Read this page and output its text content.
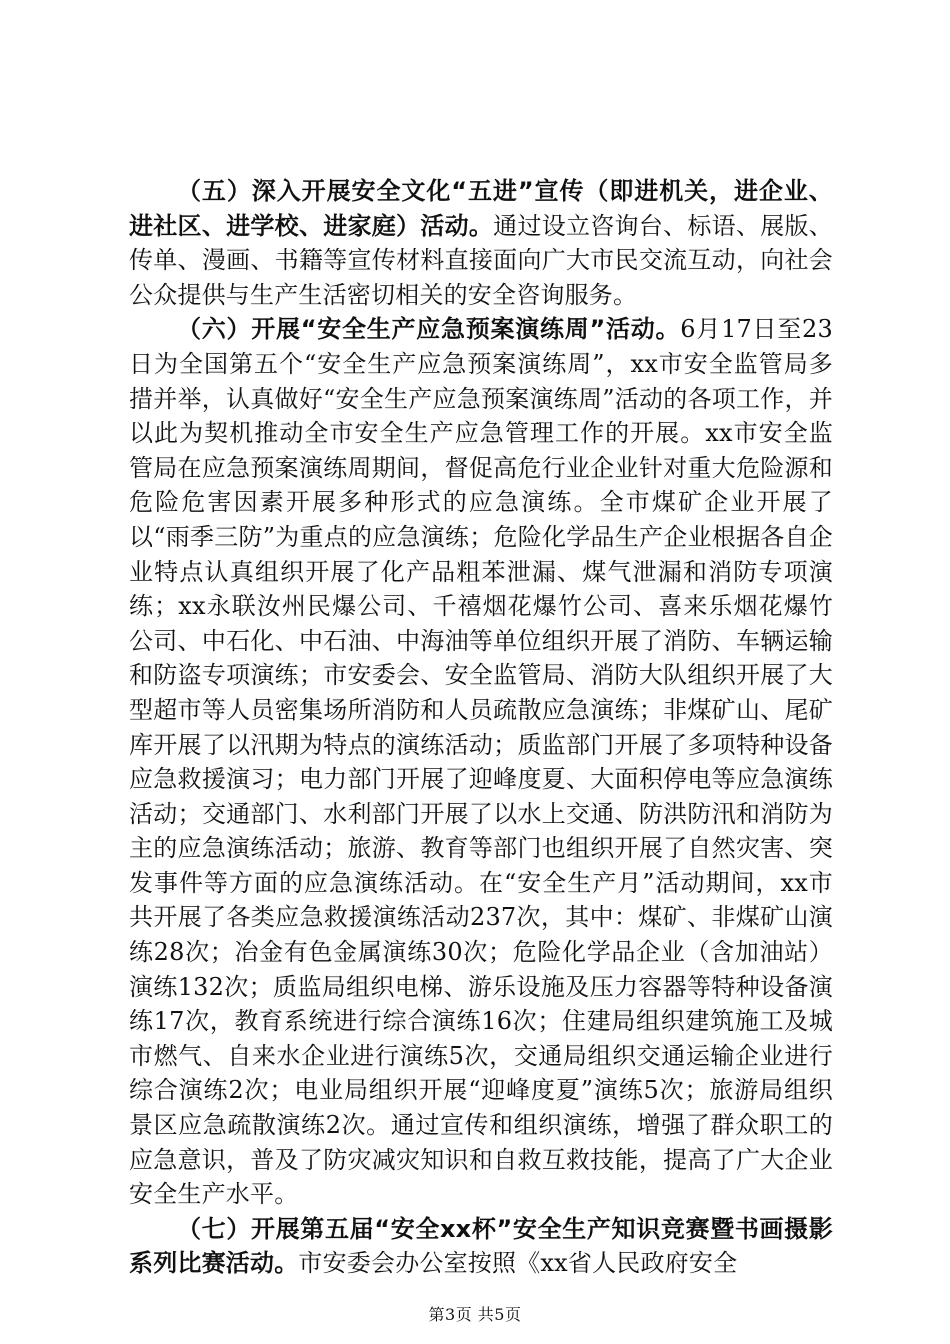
（五）深入开展安全文化“五进”宣传（即进机关，进企业、进社区、进学校、进家庭）活动。通过设立咨询台、标语、展版、传单、漫画、书籍等宣传材料直接面向广大市民交流互动，向社会公众提供与生产生活密切相关的安全咨询服务。

（六）开展“安全生产应急预案演练周”活动。6月17日至23日为全国第五个“安全生产应急预案演练周”，xx市安全监管局多措并举，认真做好“安全生产应急预案演练周”活动的各项工作，并以此为契机推动全市安全生产应急管理工作的开展。xx市安全监管局在应急预案演练周期间，督促高危行业企业针对重大危险源和危险危害因素开展多种形式的应急演练。全市煤矿企业开展了以“雨季三防”为重点的应急演练；危险化学品生产企业根据各自企业特点认真组织开展了化产品粗苯泄漏、煤气泄漏和消防专项演练；xx永联汝州民爆公司、千禧烟花爆竹公司、喜来乐烟花爆竹公司、中石化、中石油、中海油等单位组织开展了消防、车辆运输和防盗专项演练；市安委会、安全监管局、消防大队组织开展了大型超市等人员密集场所消防和人员疏散应急演练；非煤矿山、尾矿库开展了以汛期为特点的演练活动；质监部门开展了多项特种设备应急救援演习；电力部门开展了迎峰度夏、大面积停电等应急演练活动；交通部门、水利部门开展了以水上交通、防洪防汛和消防为主的应急演练活动；旅游、教育等部门也组织开展了自然灾害、突发事件等方面的应急演练活动。在“安全生产月”活动期间，xx市共开展了各类应急救援演练活动237次，其中：煤矿、非煤矿山演练28次；冶金有色金属演练30次；危险化学品企业（含加油站）演练132次；质监局组织电梯、游乐设施及压力容器等特种设备演练17次，教育系统进行综合演练16次；住建局组织建筑施工及城市燃气、自来水企业进行演练5次，交通局组织交通运输企业进行综合演练2次；电业局组织开展“迎峰度夏”演练5次；旅游局组织景区应急疏散演练2次。通过宣传和组织演练，增强了群众职工的应急意识，普及了防灾减灾知识和自救互救技能，提高了广大企业安全生产水平。

（七）开展第五届“安全xx杯”安全生产知识竞赛暨书画摄影系列比赛活动。市安委会办公室按照《xx省人民政府安全

第3页 共5页
